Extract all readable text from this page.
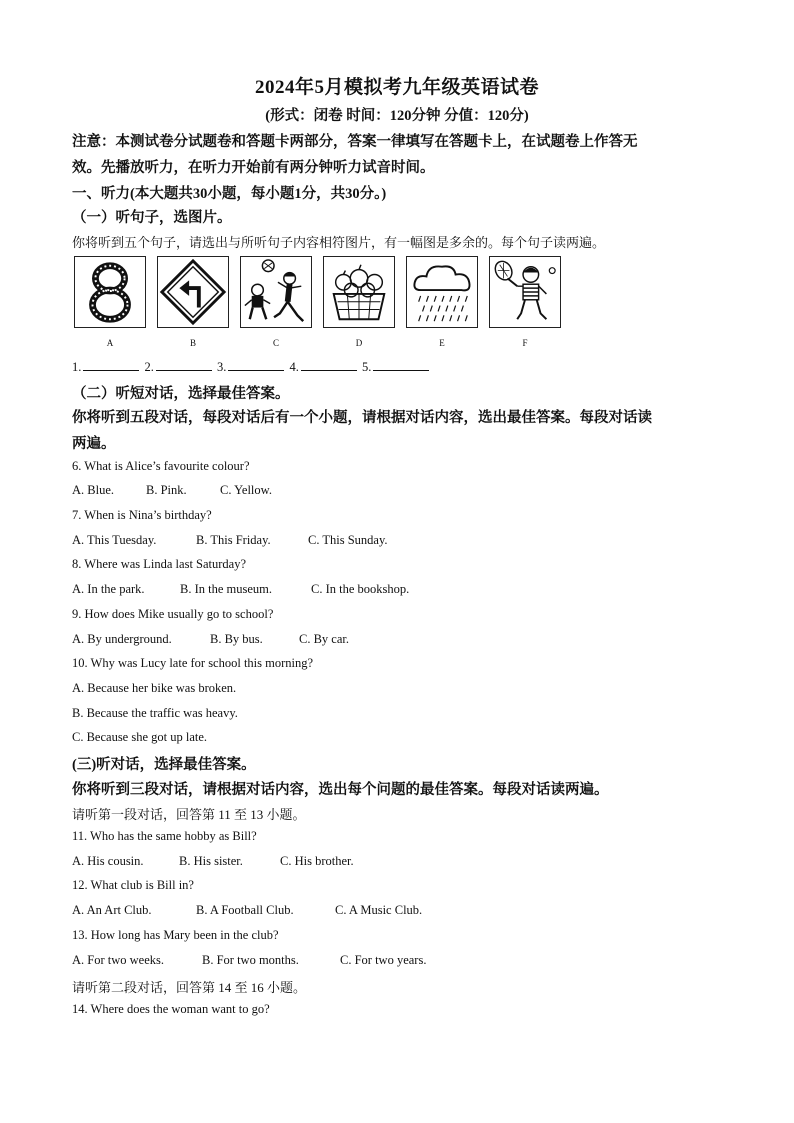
2024年5月模拟考九年级英语试卷
(形式：闭卷 时间：120分钟 分值：120分)
注意：本测试卷分试题卷和答题卡两部分，答案一律填写在答题卡上，在试题卷上作答无
效。先播放听力，在听力开始前有两分钟听力试音时间。
一、听力(本大题共30小题，每小题1分，共30分。)
（一）听句子，选图片。
你将听到五个句子，请选出与所听句子内容相符图片，有一幅图是多余的。每个句子读两遍。
A	B	C	D	E	F
1.	2.	3.	4.	5.
（二）听短对话，选择最佳答案。
你将听到五段对话，每段对话后有一个小题，请根据对话内容，选出最佳答案。每段对话读
两遍。
6. What is Alice’s favourite colour?
A. Blue.	B. Pink.	C. Yellow.
7. When is Nina’s birthday?
A. This Tuesday.	B. This Friday.	C. This Sunday.
8. Where was Linda last Saturday?
A. In the park.	B. In the museum.	C. In the bookshop.
9. How does Mike usually go to school?
A. By underground.	B. By bus.	C. By car.
10. Why was Lucy late for school this morning?
A. Because her bike was broken.
B. Because the traffic was heavy.
C. Because she got up late.
(三)听对话，选择最佳答案。
你将听到三段对话，请根据对话内容，选出每个问题的最佳答案。每段对话读两遍。
请听第一段对话，回答第 11 至 13 小题。
11. Who has the same hobby as Bill?
A. His cousin.	B. His sister.	C. His brother.
12. What club is Bill in?
A. An Art Club.	B. A Football Club.	C. A Music Club.
13. How long has Mary been in the club?
A. For two weeks.	B. For two months.	C. For two years.
请听第二段对话，回答第 14 至 16 小题。
14. Where does the woman want to go?
